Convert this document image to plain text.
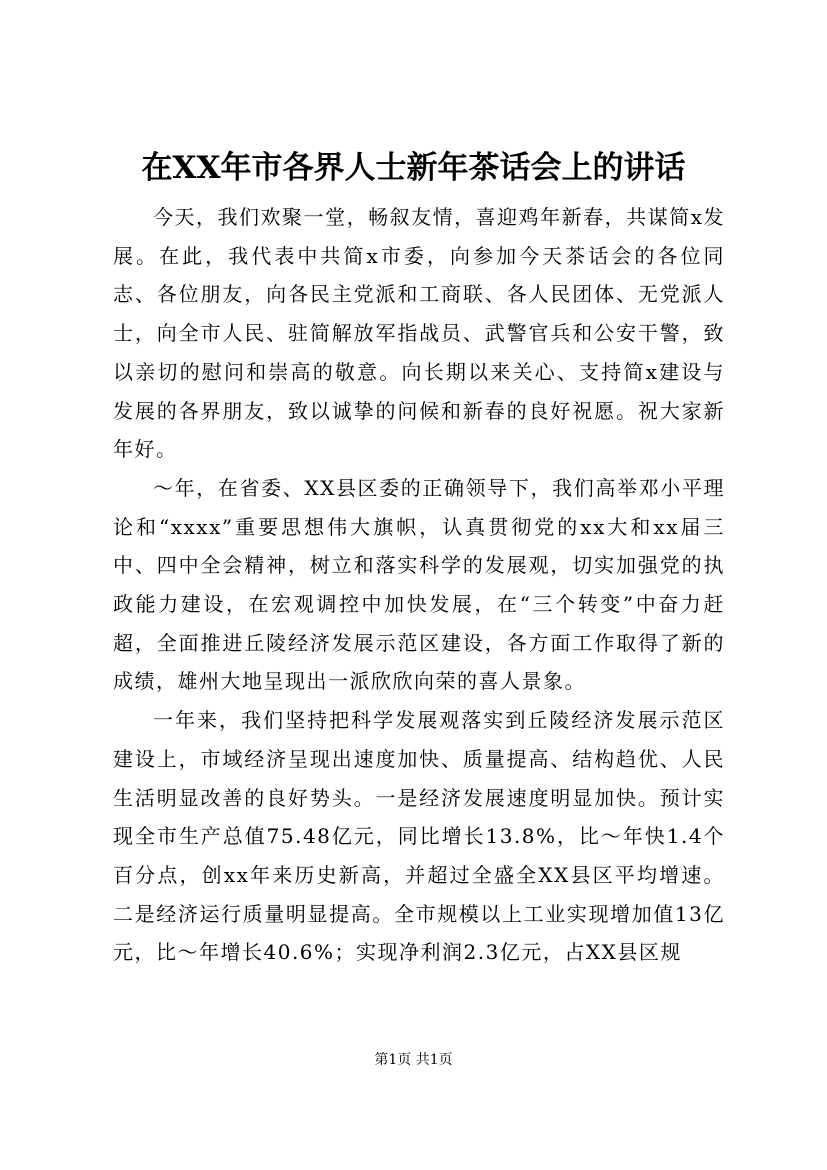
在XX年市各界人士新年茶话会上的讲话

今天，我们欢聚一堂，畅叙友情，喜迎鸡年新春，共谋简x发展。在此，我代表中共简x市委，向参加今天茶话会的各位同志、各位朋友，向各民主党派和工商联、各人民团体、无党派人士，向全市人民、驻简解放军指战员、武警官兵和公安干警，致以亲切的慰问和崇高的敬意。向长期以来关心、支持简x建设与发展的各界朋友，致以诚挚的问候和新春的良好祝愿。祝大家新年好。

～年，在省委、XX县区委的正确领导下，我们高举邓小平理论和“xxxx”重要思想伟大旗帜，认真贯彻党的xx大和xx届三中、四中全会精神，树立和落实科学的发展观，切实加强党的执政能力建设，在宏观调控中加快发展，在“三个转变”中奋力赶超，全面推进丘陵经济发展示范区建设，各方面工作取得了新的成绩，雄州大地呈现出一派欣欣向荣的喜人景象。

一年来，我们坚持把科学发展观落实到丘陵经济发展示范区建设上，市域经济呈现出速度加快、质量提高、结构趋优、人民生活明显改善的良好势头。一是经济发展速度明显加快。预计实现全市生产总值75.48亿元，同比增长13.8%，比～年快1.4个百分点，创xx年来历史新高，并超过全盛全XX县区平均增速。二是经济运行质量明显提高。全市规模以上工业实现增加值13亿元，比～年增长40.6%；实现净利润2.3亿元，占XX县区规

第1页 共1页
